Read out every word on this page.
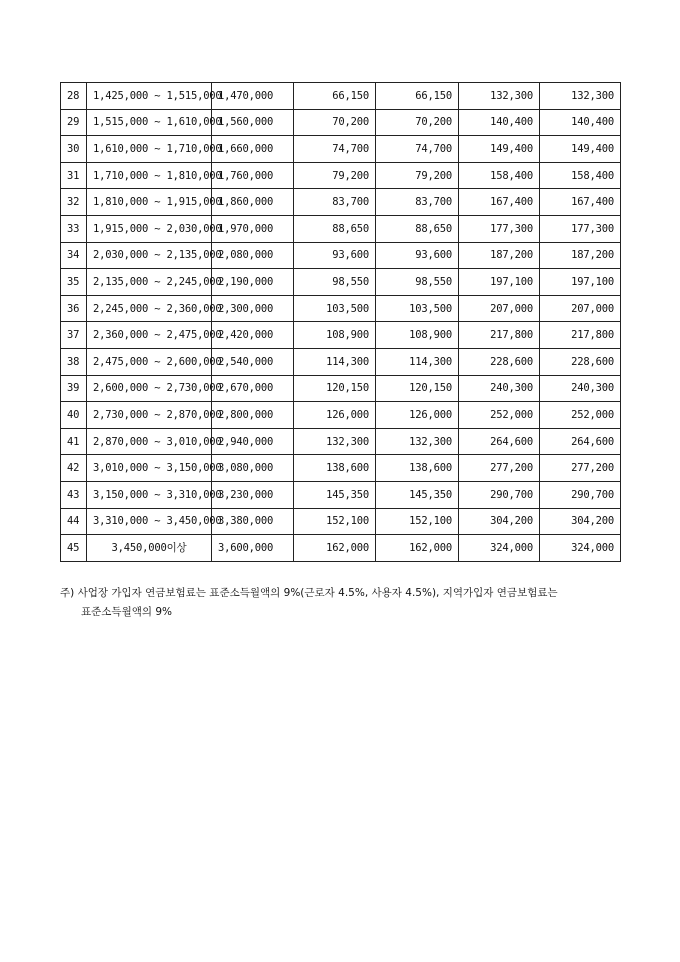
28	1,425,000 ~ 1,515,000	1,470,000	66,150	66,150	132,300	132,300
29	1,515,000 ~ 1,610,000	1,560,000	70,200	70,200	140,400	140,400
30	1,610,000 ~ 1,710,000	1,660,000	74,700	74,700	149,400	149,400
31	1,710,000 ~ 1,810,000	1,760,000	79,200	79,200	158,400	158,400
32	1,810,000 ~ 1,915,000	1,860,000	83,700	83,700	167,400	167,400
33	1,915,000 ~ 2,030,000	1,970,000	88,650	88,650	177,300	177,300
34	2,030,000 ~ 2,135,000	2,080,000	93,600	93,600	187,200	187,200
35	2,135,000 ~ 2,245,000	2,190,000	98,550	98,550	197,100	197,100
36	2,245,000 ~ 2,360,000	2,300,000	103,500	103,500	207,000	207,000
37	2,360,000 ~ 2,475,000	2,420,000	108,900	108,900	217,800	217,800
38	2,475,000 ~ 2,600,000	2,540,000	114,300	114,300	228,600	228,600
39	2,600,000 ~ 2,730,000	2,670,000	120,150	120,150	240,300	240,300
40	2,730,000 ~ 2,870,000	2,800,000	126,000	126,000	252,000	252,000
41	2,870,000 ~ 3,010,000	2,940,000	132,300	132,300	264,600	264,600
42	3,010,000 ~ 3,150,000	3,080,000	138,600	138,600	277,200	277,200
43	3,150,000 ~ 3,310,000	3,230,000	145,350	145,350	290,700	290,700
44	3,310,000 ~ 3,450,000	3,380,000	152,100	152,100	304,200	304,200
45	3,450,000이상	3,600,000	162,000	162,000	324,000	324,000
주) 사업장 가입자 연금보험료는 표준소득월액의 9%(근로자 4.5%, 사용자 4.5%), 지역가입자 연금보험료는
표준소득월액의 9%
